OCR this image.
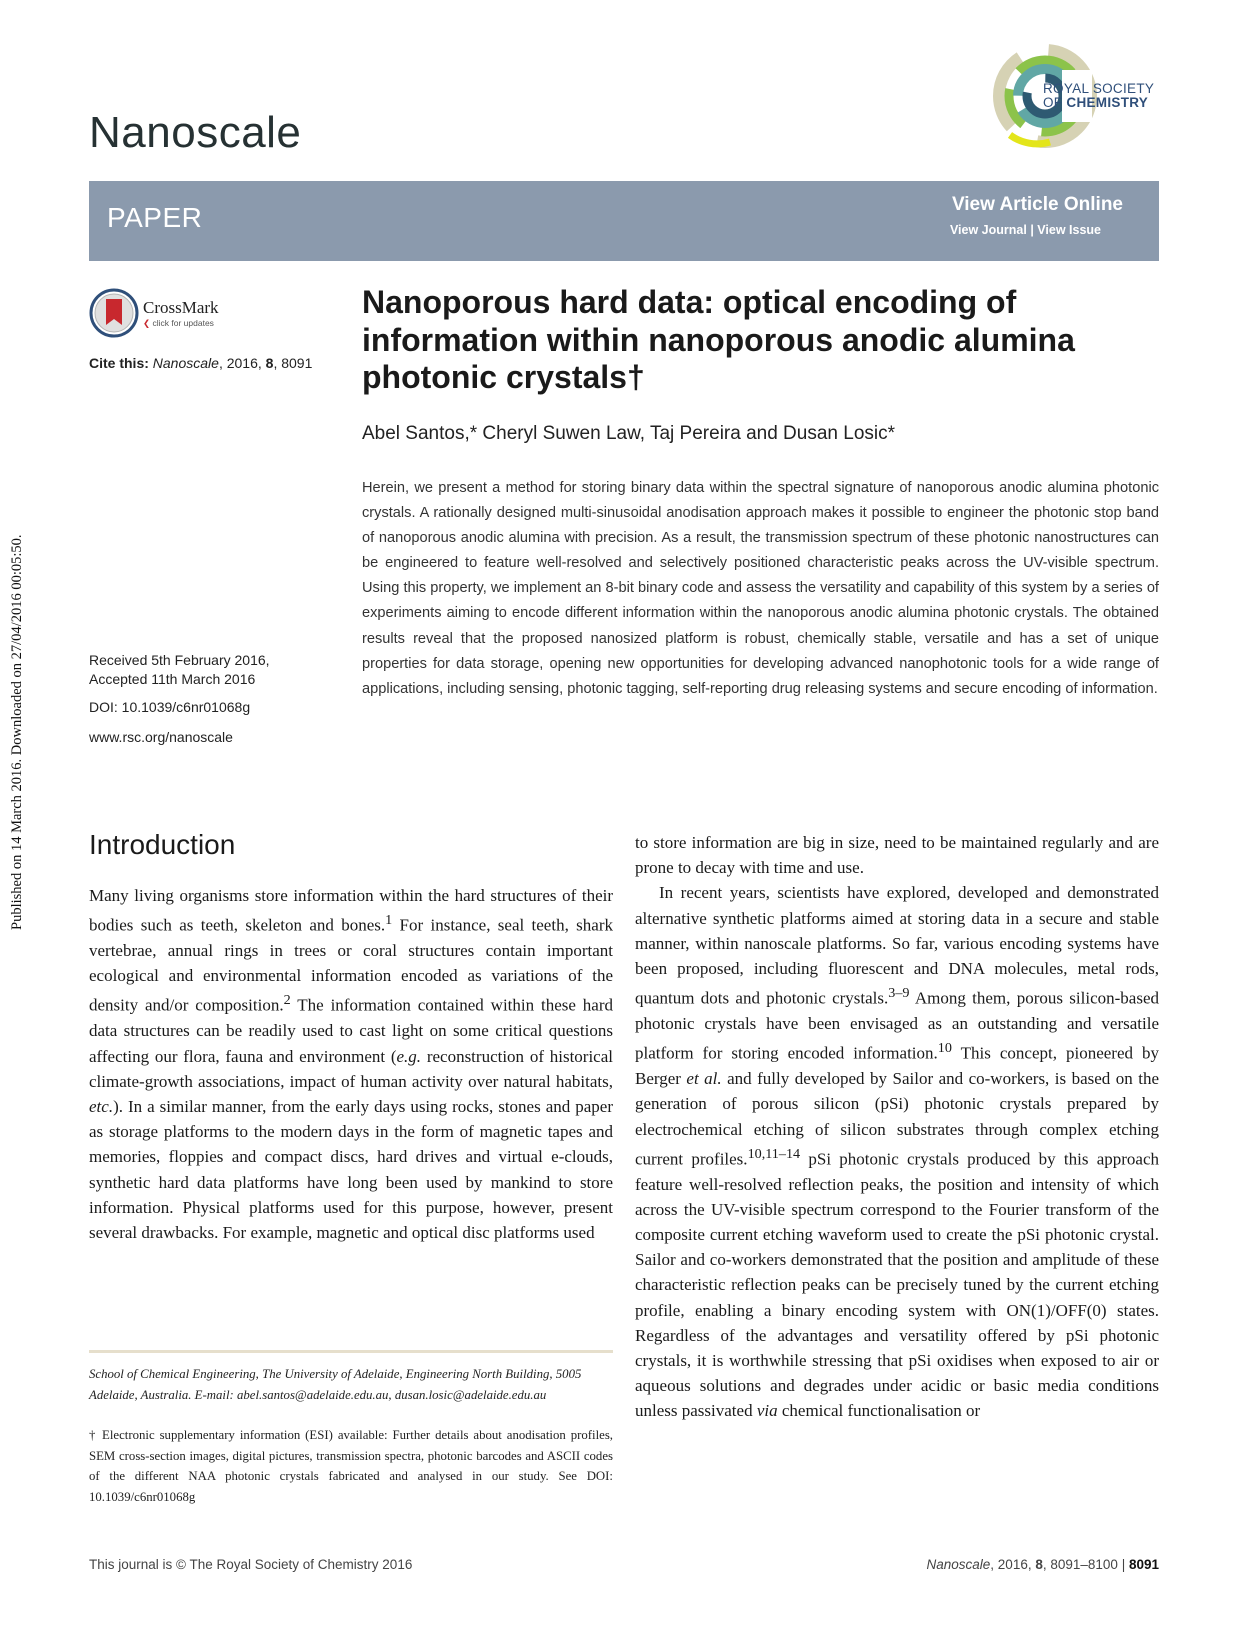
Published on 14 March 2016. Downloaded on 27/04/2016 00:05:50.
Nanoscale
ROYAL SOCIETY
OF CHEMISTRY
PAPER	View Article Online
View Journal | View Issue
CrossMark
❮ click for updates
Cite this: Nanoscale, 2016, 8, 8091
Received 5th February 2016,
Accepted 11th March 2016
DOI: 10.1039/c6nr01068g
www.rsc.org/nanoscale
Nanoporous hard data: optical encoding of information within nanoporous anodic alumina photonic crystals†
Abel Santos,* Cheryl Suwen Law, Taj Pereira and Dusan Losic*

Herein, we present a method for storing binary data within the spectral signature of nanoporous anodic alumina photonic crystals. A rationally designed multi-sinusoidal anodisation approach makes it possible to engineer the photonic stop band of nanoporous anodic alumina with precision. As a result, the transmission spectrum of these photonic nanostructures can be engineered to feature well-resolved and selectively positioned characteristic peaks across the UV-visible spectrum. Using this property, we implement an 8-bit binary code and assess the versatility and capability of this system by a series of experiments aiming to encode different information within the nanoporous anodic alumina photonic crystals. The obtained results reveal that the proposed nanosized platform is robust, chemically stable, versatile and has a set of unique properties for data storage, opening new opportunities for developing advanced nanophotonic tools for a wide range of applications, including sensing, photonic tagging, self-reporting drug releasing systems and secure encoding of information.

Introduction

Many living organisms store information within the hard structures of their bodies such as teeth, skeleton and bones.$^1$ For instance, seal teeth, shark vertebrae, annual rings in trees or coral structures contain important ecological and environmental information encoded as variations of the density and/or composition.$^2$ The information contained within these hard data structures can be readily used to cast light on some critical questions affecting our flora, fauna and environment (e.g. reconstruction of historical climate-growth associations, impact of human activity over natural habitats, etc.). In a similar manner, from the early days using rocks, stones and paper as storage platforms to the modern days in the form of magnetic tapes and memories, floppies and compact discs, hard drives and virtual e-clouds, synthetic hard data platforms have long been used by mankind to store information. Physical platforms used for this purpose, however, present several drawbacks. For example, magnetic and optical disc platforms used

to store information are big in size, need to be maintained regularly and are prone to decay with time and use.

In recent years, scientists have explored, developed and demonstrated alternative synthetic platforms aimed at storing data in a secure and stable manner, within nanoscale platforms. So far, various encoding systems have been proposed, including fluorescent and DNA molecules, metal rods, quantum dots and photonic crystals.$^{3-9}$ Among them, porous silicon-based photonic crystals have been envisaged as an outstanding and versatile platform for storing encoded information.$^{10}$ This concept, pioneered by Berger et al. and fully developed by Sailor and co-workers, is based on the generation of porous silicon (pSi) photonic crystals prepared by electrochemical etching of silicon substrates through complex etching current profiles.$^{10,11-14}$ pSi photonic crystals produced by this approach feature well-resolved reflection peaks, the position and intensity of which across the UV-visible spectrum correspond to the Fourier transform of the composite current etching waveform used to create the pSi photonic crystal. Sailor and co-workers demonstrated that the position and amplitude of these characteristic reflection peaks can be precisely tuned by the current etching profile, enabling a binary encoding system with ON(1)/OFF(0) states. Regardless of the advantages and versatility offered by pSi photonic crystals, it is worthwhile stressing that pSi oxidises when exposed to air or aqueous solutions and degrades under acidic or basic media conditions unless passivated via chemical functionalisation or

School of Chemical Engineering, The University of Adelaide, Engineering North Building, 5005 Adelaide, Australia. E-mail: abel.santos@adelaide.edu.au, dusan.losic@adelaide.edu.au

† Electronic supplementary information (ESI) available: Further details about anodisation profiles, SEM cross-section images, digital pictures, transmission spectra, photonic barcodes and ASCII codes of the different NAA photonic crystals fabricated and analysed in our study. See DOI: 10.1039/c6nr01068g

This journal is © The Royal Society of Chemistry 2016	Nanoscale, 2016, 8, 8091–8100 | 8091
